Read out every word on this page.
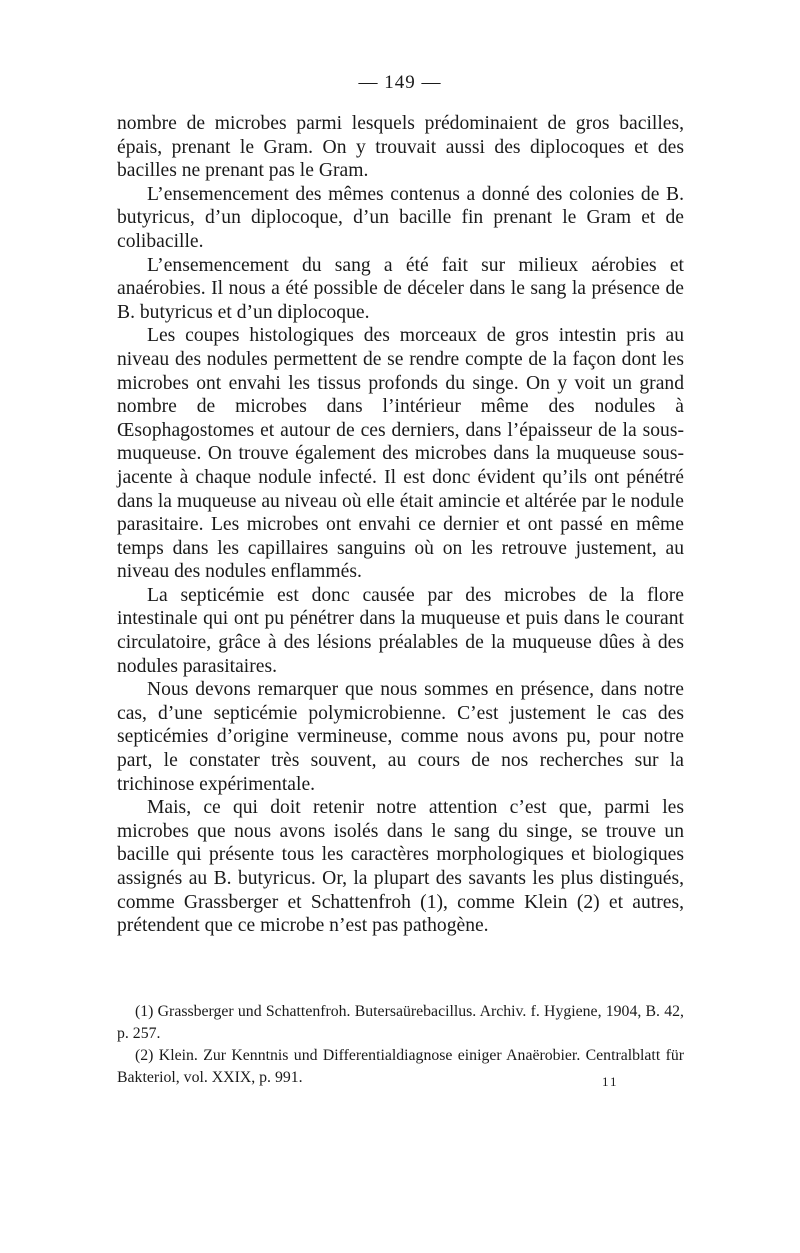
— 149 —

nombre de microbes parmi lesquels prédominaient de gros bacilles, épais, prenant le Gram. On y trouvait aussi des diplocoques et des bacilles ne prenant pas le Gram.

L’ensemencement des mêmes contenus a donné des colonies de B. butyricus, d’un diplocoque, d’un bacille fin prenant le Gram et de colibacille.

L’ensemencement du sang a été fait sur milieux aérobies et anaérobies. Il nous a été possible de déceler dans le sang la présence de B. butyricus et d’un diplocoque.

Les coupes histologiques des morceaux de gros intestin pris au niveau des nodules permettent de se rendre compte de la façon dont les microbes ont envahi les tissus profonds du singe. On y voit un grand nombre de microbes dans l’intérieur même des nodules à Œsophagostomes et autour de ces derniers, dans l’épaisseur de la sous-muqueuse. On trouve également des microbes dans la muqueuse sous-jacente à chaque nodule infecté. Il est donc évident qu’ils ont pénétré dans la muqueuse au niveau où elle était amincie et altérée par le nodule parasitaire. Les microbes ont envahi ce dernier et ont passé en même temps dans les capillaires sanguins où on les retrouve justement, au niveau des nodules enflammés.

La septicémie est donc causée par des microbes de la flore intestinale qui ont pu pénétrer dans la muqueuse et puis dans le courant circulatoire, grâce à des lésions préalables de la muqueuse dûes à des nodules parasitaires.

Nous devons remarquer que nous sommes en présence, dans notre cas, d’une septicémie polymicrobienne. C’est justement le cas des septicémies d’origine vermineuse, comme nous avons pu, pour notre part, le constater très souvent, au cours de nos recherches sur la trichinose expérimentale.

Mais, ce qui doit retenir notre attention c’est que, parmi les microbes que nous avons isolés dans le sang du singe, se trouve un bacille qui présente tous les caractères morphologiques et biologiques assignés au B. butyricus. Or, la plupart des savants les plus distingués, comme Grassberger et Schattenfroh (1), comme Klein (2) et autres, prétendent que ce microbe n’est pas pathogène.

(1) Grassberger und Schattenfroh. Butersaürebacillus. Archiv. f. Hygiene, 1904, B. 42, p. 257.

(2) Klein. Zur Kenntnis und Differentialdiagnose einiger Anaërobier. Centralblatt für Bakteriol, vol. XXIX, p. 991.	11
